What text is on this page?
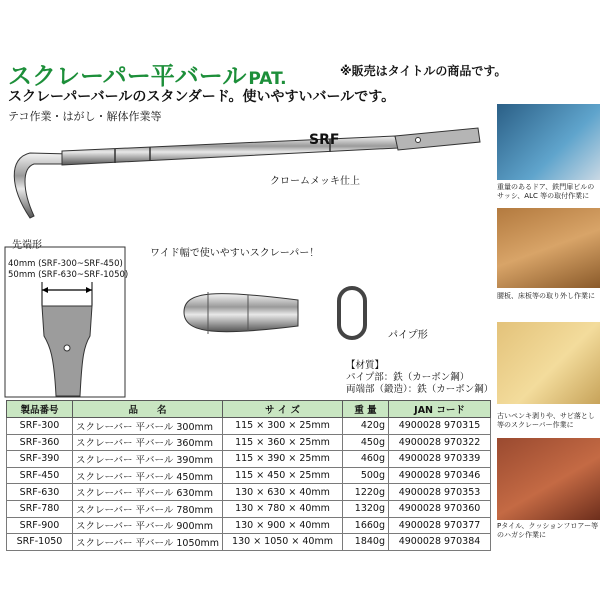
スクレーパー平バール PAT.	※販売はタイトルの商品です。
スクレーパーバールのスタンダード。使いやすいバールです。
テコ作業・はがし・解体作業等
SRF
クロームメッキ仕上
先端形
40mm (SRF-300~SRF-450)
50mm (SRF-630~SRF-1050)
ワイド幅で使いやすいスクレーパー！
パイプ形
【材質】
パイプ部：鉄（カーボン鋼）
両端部（鍛造）：鉄（カーボン鋼）
重量のあるドア、鉄門扉ビルのサッシ、ALC 等の取付作業に
腰板、床板等の取り外し作業に
古いペンキ剥りや、サビ落とし等のスクレーパー作業に
Pタイル、クッションフロアー等のハガシ作業に
製品番号	品　　名	サ イ ズ	重 量	JAN コード
SRF-300	スクレーバー 平バール 300mm	115 × 300 × 25mm	420g	4900028 970315
SRF-360	スクレーバー 平バール 360mm	115 × 360 × 25mm	450g	4900028 970322
SRF-390	スクレーバー 平バール 390mm	115 × 390 × 25mm	460g	4900028 970339
SRF-450	スクレーバー 平バール 450mm	115 × 450 × 25mm	500g	4900028 970346
SRF-630	スクレーバー 平バール 630mm	130 × 630 × 40mm	1220g	4900028 970353
SRF-780	スクレーバー 平バール 780mm	130 × 780 × 40mm	1320g	4900028 970360
SRF-900	スクレーバー 平バール 900mm	130 × 900 × 40mm	1660g	4900028 970377
SRF-1050	スクレーバー 平バール 1050mm	130 × 1050 × 40mm	1840g	4900028 970384
